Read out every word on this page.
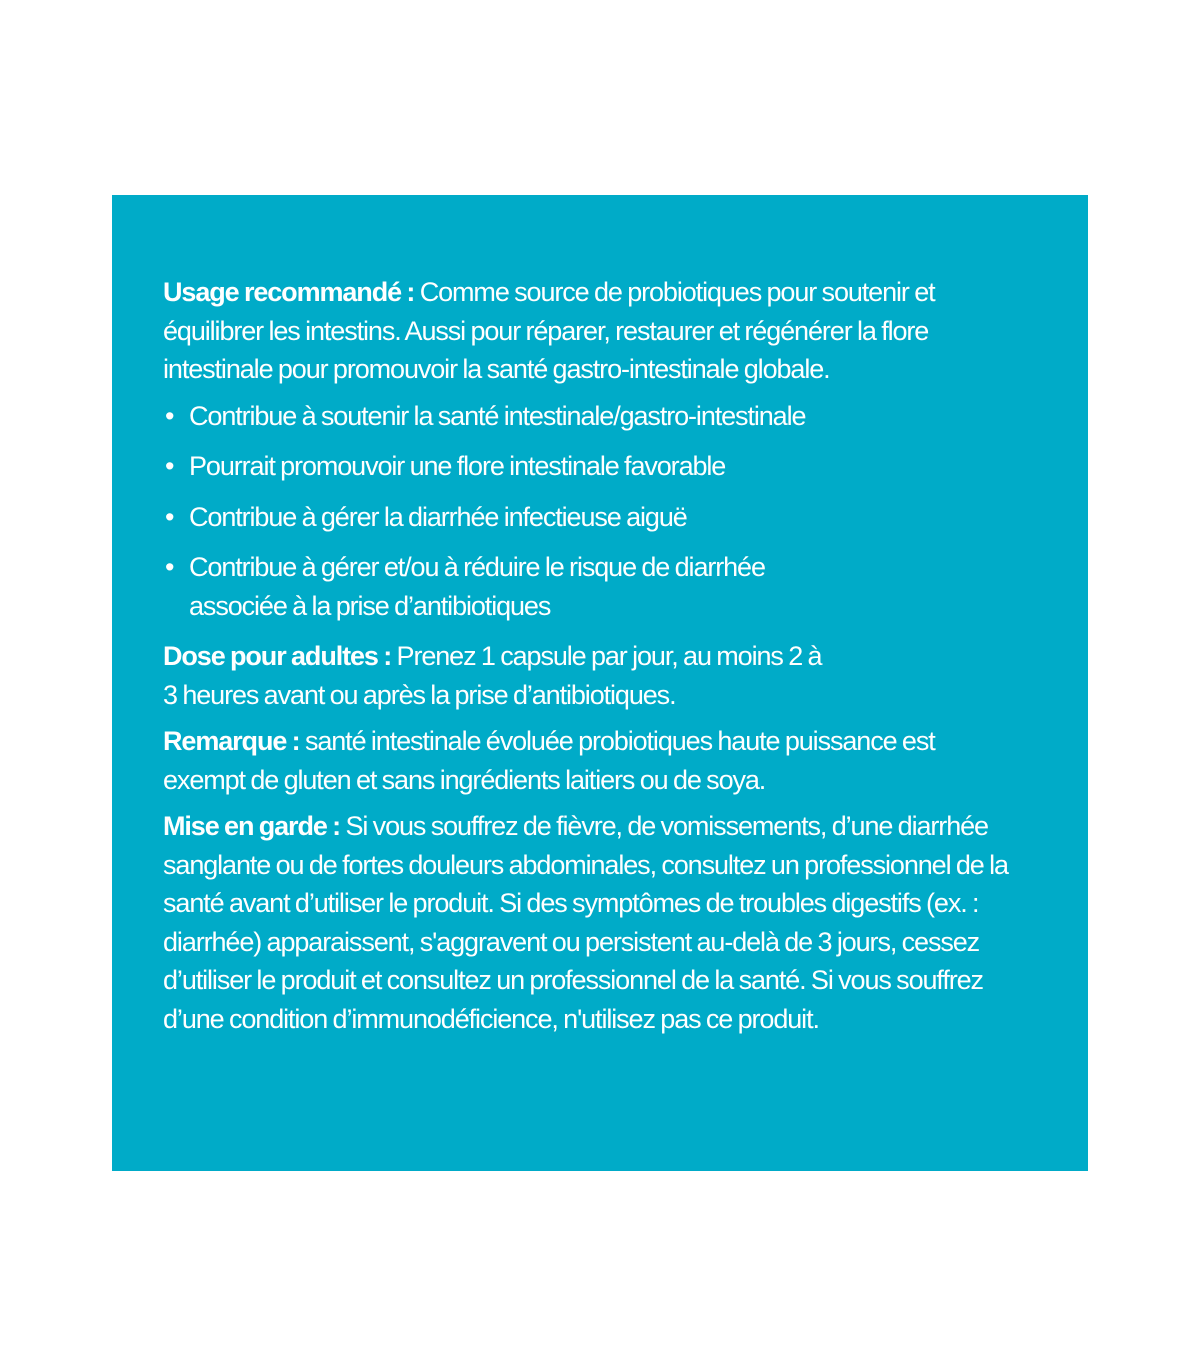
Usage recommandé : Comme source de probiotiques pour soutenir et équilibrer les intestins. Aussi pour réparer, restaurer et régénérer la flore intestinale pour promouvoir la santé gastro-intestinale globale.

• Contribue à soutenir la santé intestinale/gastro-intestinale
• Pourrait promouvoir une flore intestinale favorable
• Contribue à gérer la diarrhée infectieuse aiguë
• Contribue à gérer et/ou à réduire le risque de diarrhée associée à la prise d’antibiotiques

Dose pour adultes : Prenez 1 capsule par jour, au moins 2 à 3 heures avant ou après la prise d’antibiotiques.

Remarque : santé intestinale évoluée probiotiques haute puissance est exempt de gluten et sans ingrédients laitiers ou de soya.

Mise en garde : Si vous souffrez de fièvre, de vomissements, d’une diarrhée sanglante ou de fortes douleurs abdominales, consultez un professionnel de la santé avant d’utiliser le produit. Si des symptômes de troubles digestifs (ex. : diarrhée) apparaissent, s'aggravent ou persistent au-delà de 3 jours, cessez d’utiliser le produit et consultez un professionnel de la santé. Si vous souffrez d’une condition d’immunodéficience, n'utilisez pas ce produit.
